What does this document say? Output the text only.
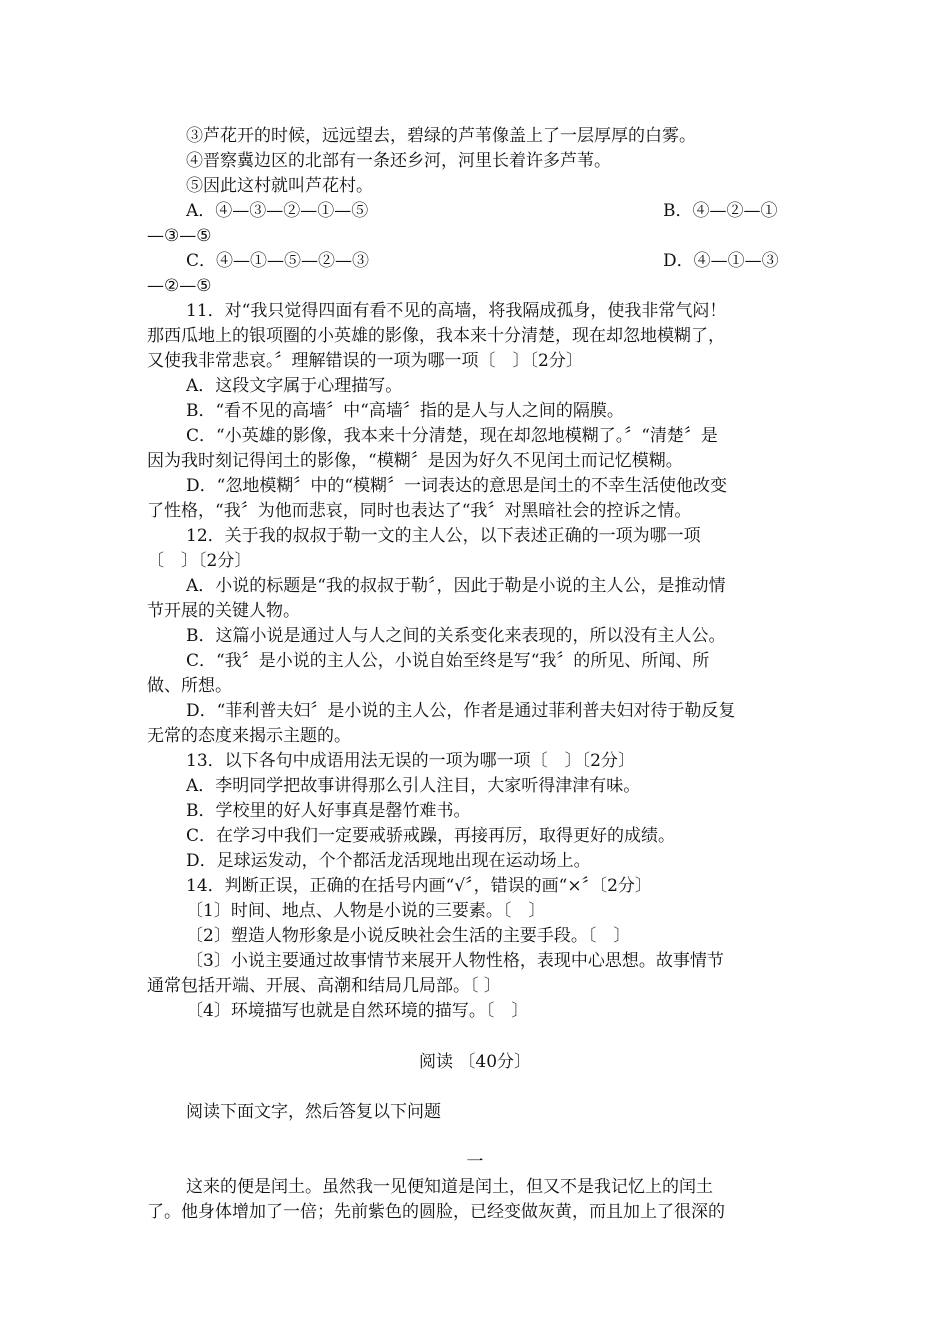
③芦花开的时候，远远望去，碧绿的芦苇像盖上了一层厚厚的白雾。
④晋察冀边区的北部有一条还乡河，河里长着许多芦苇。
⑤因此这村就叫芦花村。
A．④—③—②—①—⑤	B．④—②—①
—③—⑤
C．④—①—⑤—②—③	D．④—①—③
—②—⑤
11．对“我只觉得四面有看不见的高墙，将我隔成孤身，使我非常气闷！
那西瓜地上的银项圈的小英雄的影像，我本来十分清楚，现在却忽地模糊了，
又使我非常悲哀。〞理解错误的一项为哪一项〔　〕〔2分〕
A．这段文字属于心理描写。
B．“看不见的高墙〞中“高墙〞指的是人与人之间的隔膜。
C．“小英雄的影像，我本来十分清楚，现在却忽地模糊了。〞“清楚〞是
因为我时刻记得闰土的影像，“模糊〞是因为好久不见闰土而记忆模糊。
D．“忽地模糊〞中的“模糊〞一词表达的意思是闰土的不幸生活使他改变
了性格，“我〞为他而悲哀，同时也表达了“我〞对黑暗社会的控诉之情。
12．关于我的叔叔于勒一文的主人公，以下表述正确的一项为哪一项
〔　〕〔2分〕
A．小说的标题是“我的叔叔于勒〞，因此于勒是小说的主人公，是推动情
节开展的关键人物。
B．这篇小说是通过人与人之间的关系变化来表现的，所以没有主人公。
C．“我〞是小说的主人公，小说自始至终是写“我〞的所见、所闻、所
做、所想。
D．“菲利普夫妇〞是小说的主人公，作者是通过菲利普夫妇对待于勒反复
无常的态度来揭示主题的。
13．以下各句中成语用法无误的一项为哪一项〔　〕〔2分〕
A．李明同学把故事讲得那么引人注目，大家听得津津有味。
B．学校里的好人好事真是罄竹难书。
C．在学习中我们一定要戒骄戒躁，再接再厉，取得更好的成绩。
D．足球运发动，个个都活龙活现地出现在运动场上。
14．判断正误，正确的在括号内画“√〞，错误的画“×〞〔2分〕
〔1〕时间、地点、人物是小说的三要素。〔　〕
〔2〕塑造人物形象是小说反映社会生活的主要手段。〔　〕
〔3〕小说主要通过故事情节来展开人物性格，表现中心思想。故事情节
通常包括开端、开展、高潮和结局几局部。〔 〕
〔4〕环境描写也就是自然环境的描写。〔　〕
阅读 〔40分〕
阅读下面文字，然后答复以下问题
一
这来的便是闰土。虽然我一见便知道是闰土，但又不是我记忆上的闰土
了。他身体增加了一倍；先前紫色的圆脸，已经变做灰黄，而且加上了很深的
